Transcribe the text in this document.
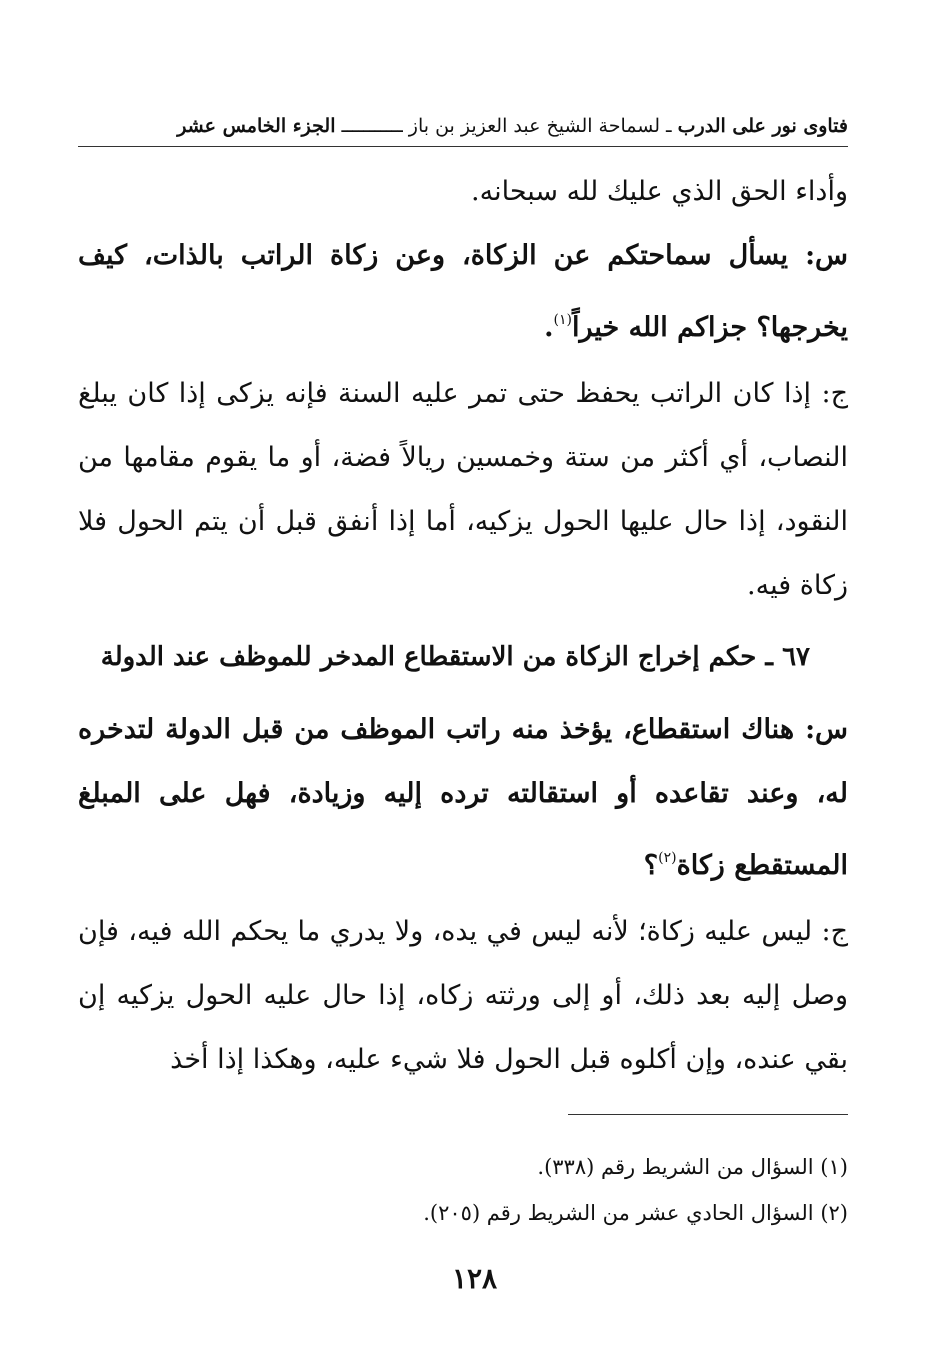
فتاوى نور على الدرب ـ لسماحة الشيخ عبد العزيز بن باز ـــــــــــ الجزء الخامس عشر

وأداء الحق الذي عليك لله سبحانه.

س: يسأل سماحتكم عن الزكاة، وعن زكاة الراتب بالذات، كيف يخرجها؟ جزاكم الله خيراً$^{(١)}$.

ج: إذا كان الراتب يحفظ حتى تمر عليه السنة فإنه يزكى إذا كان يبلغ النصاب، أي أكثر من ستة وخمسين ريالاً فضة، أو ما يقوم مقامها من النقود، إذا حال عليها الحول يزكيه، أما إذا أنفق قبل أن يتم الحول فلا زكاة فيه.

٦٧ ـ حكم إخراج الزكاة من الاستقطاع المدخر للموظف عند الدولة

س: هناك استقطاع، يؤخذ منه راتب الموظف من قبل الدولة لتدخره له، وعند تقاعده أو استقالته ترده إليه وزيادة، فهل على المبلغ المستقطع زكاة$^{(٢)}$؟

ج: ليس عليه زكاة؛ لأنه ليس في يده، ولا يدري ما يحكم الله فيه، فإن وصل إليه بعد ذلك، أو إلى ورثته زكاه، إذا حال عليه الحول يزكيه إن بقي عنده، وإن أكلوه قبل الحول فلا شيء عليه، وهكذا إذا أخذ

(١) السؤال من الشريط رقم (٣٣٨).

(٢) السؤال الحادي عشر من الشريط رقم (٢٠٥).

١٢٨
